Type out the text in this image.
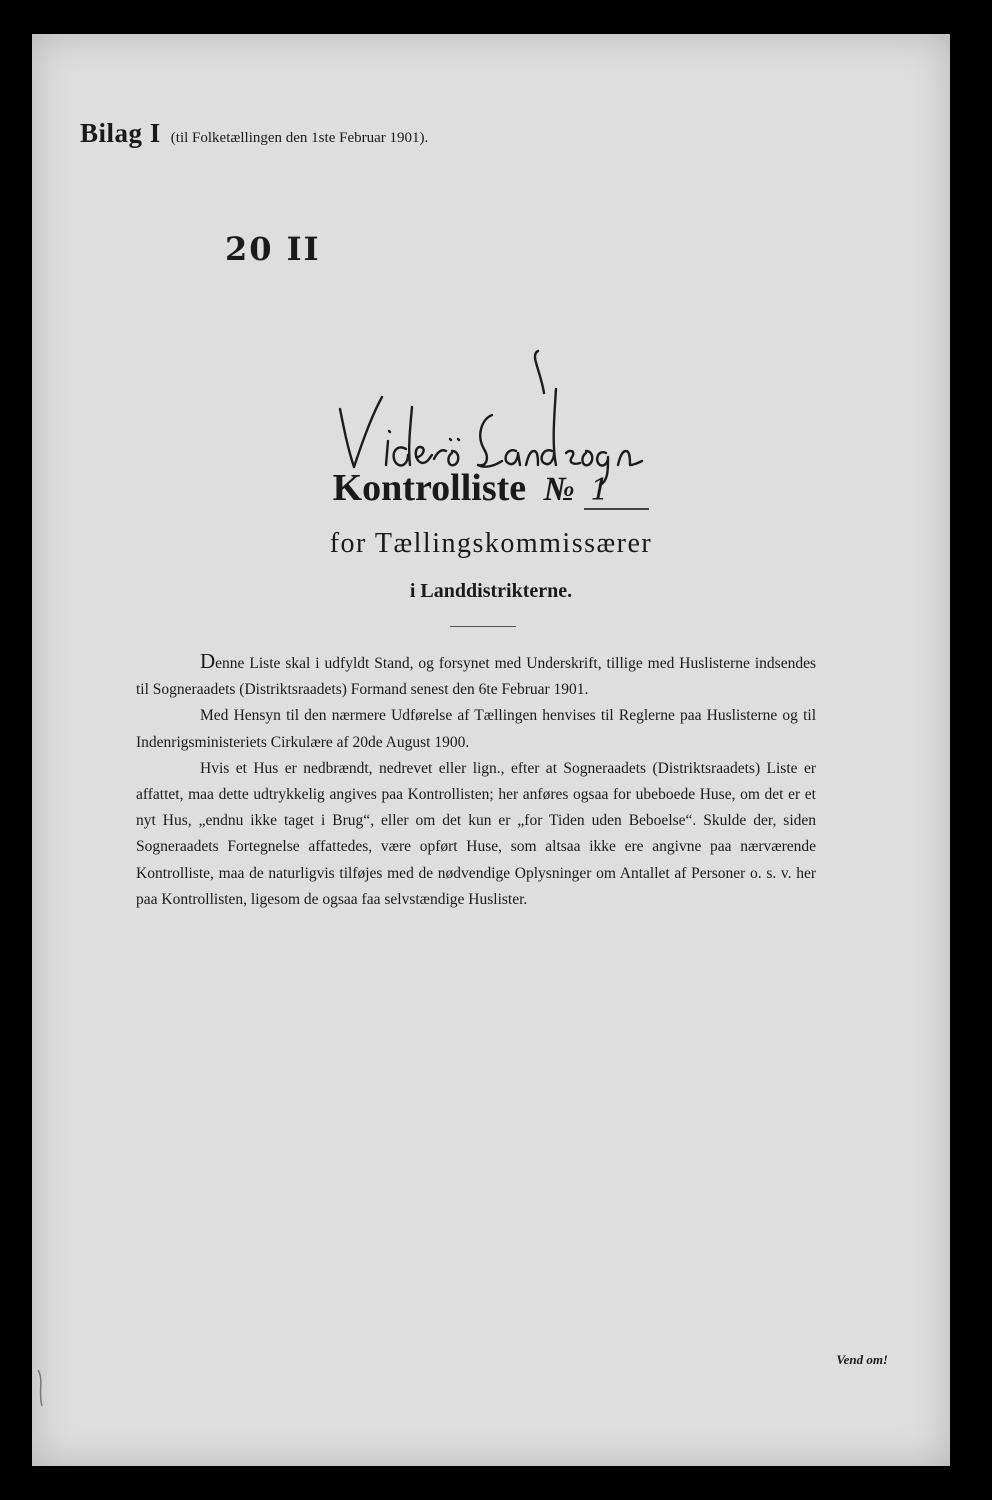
Bilag I (til Folketællingen den 1ste Februar 1901).
20 II
Kontrolliste № 1
for Tællingskommissærer
i Landdistrikterne.

Denne Liste skal i udfyldt Stand, og forsynet med Underskrift, tillige med Huslisterne indsendes til Sogneraadets (Distriktsraadets) Formand senest den 6te Februar 1901.

Med Hensyn til den nærmere Udførelse af Tællingen henvises til Reglerne paa Huslisterne og til Indenrigsministeriets Cirkulære af 20de August 1900.

Hvis et Hus er nedbrændt, nedrevet eller lign., efter at Sogneraadets (Distriktsraadets) Liste er affattet, maa dette udtrykkelig angives paa Kontrollisten; her anføres ogsaa for ubeboede Huse, om det er et nyt Hus, „endnu ikke taget i Brug“, eller om det kun er „for Tiden uden Beboelse“. Skulde der, siden Sogneraadets Fortegnelse affattedes, være opført Huse, som altsaa ikke ere angivne paa nærværende Kontrolliste, maa de naturligvis tilføjes med de nødvendige Oplysninger om Antallet af Personer o. s. v. her paa Kontrollisten, ligesom de ogsaa faa selvstændige Huslister.

Vend om!
